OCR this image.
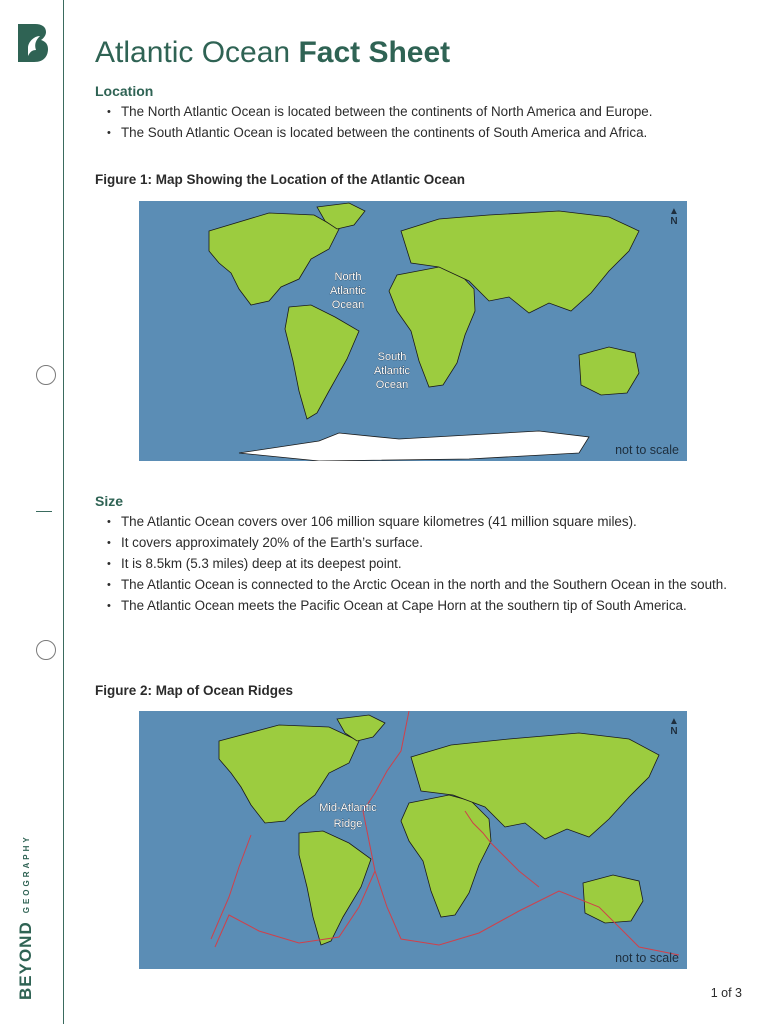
BEYONDGEOGRAPHY
Atlantic Ocean Fact Sheet
Location
• The North Atlantic Ocean is located between the continents of North America and Europe.
• The South Atlantic Ocean is located between the continents of South America and Africa.
Figure 1: Map Showing the Location of the Atlantic Ocean
North
Atlantic
Ocean
South
Atlantic
Ocean
▲
N
not to scale
Size
• The Atlantic Ocean covers over 106 million square kilometres (41 million square miles).
• It covers approximately 20% of the Earth’s surface.
• It is 8.5km (5.3 miles) deep at its deepest point.
• The Atlantic Ocean is connected to the Arctic Ocean in the north and the Southern Ocean in the south.
• The Atlantic Ocean meets the Pacific Ocean at Cape Horn at the southern tip of South America.
Figure 2: Map of Ocean Ridges
Mid-Atlantic
Ridge
▲
N
not to scale
1 of 3
